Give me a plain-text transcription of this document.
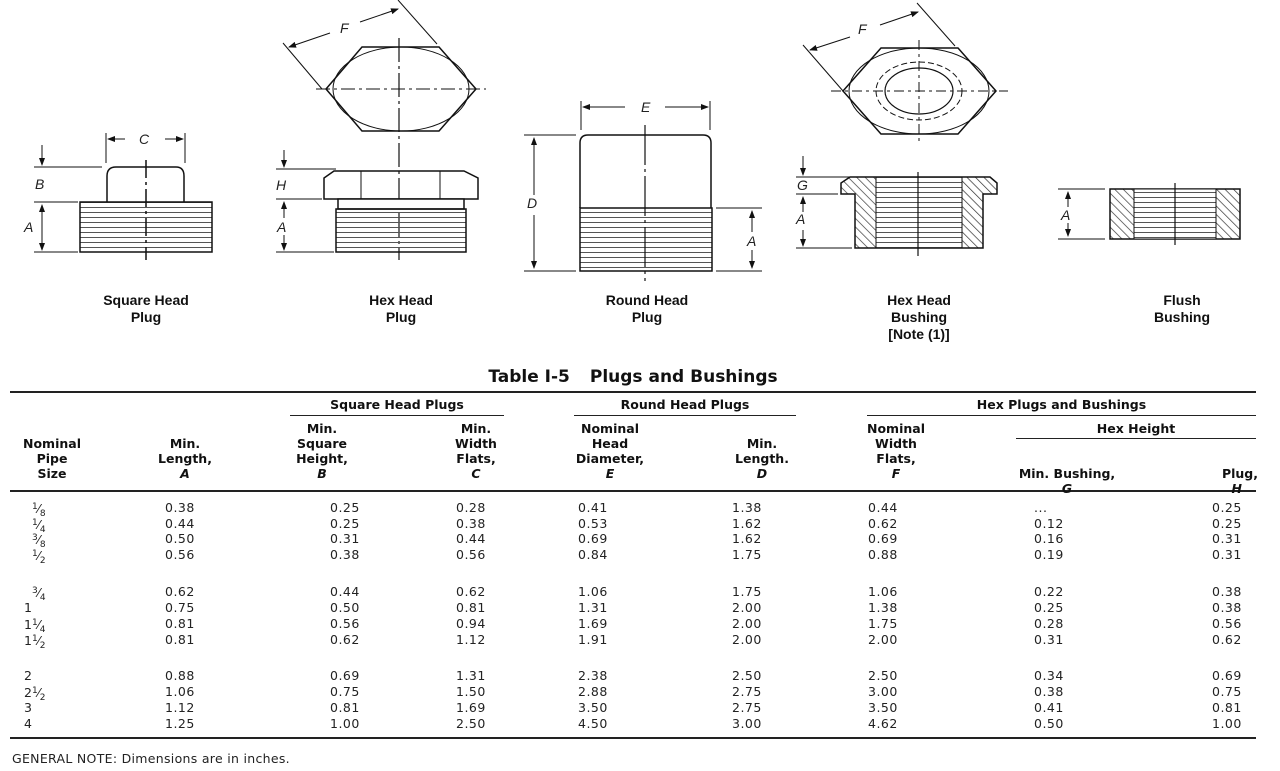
C
B
A
F
H
A
E
D
A
F
G
A	A
Square Head
Plug
Hex Head
Plug
Round Head
Plug
Hex Head
Bushing
[Note (1)]
Flush
Bushing
Table I-5 Plugs and Bushings
Square Head Plugs	Round Head Plugs	Hex Plugs and Bushings
Hex Height
Nominal
Pipe
Size
Min.
Length,
A
Min.
Square
Height,
B
Min.
Width
Flats,
C
Nominal
Head
Diameter,
E
Min.
Length.
D
Nominal
Width
Flats,
F	Min. Bushing,
G
Plug,
H
$^1⁄_8$	0.38	0.25	0.28	0.41	1.38	0.44	...	0.25
$^1⁄_4$	0.44	0.25	0.38	0.53	1.62	0.62	0.12	0.25
$^3⁄_8$	0.50	0.31	0.44	0.69	1.62	0.69	0.16	0.31
$^1⁄_2$	0.56	0.38	0.56	0.84	1.75	0.88	0.19	0.31
$^3⁄_4$	0.62	0.44	0.62	1.06	1.75	1.06	0.22	0.38
1	0.75	0.50	0.81	1.31	2.00	1.38	0.25	0.38
$1^1⁄_4$	0.81	0.56	0.94	1.69	2.00	1.75	0.28	0.56
$1^1⁄_2$	0.81	0.62	1.12	1.91	2.00	2.00	0.31	0.62
2	0.88	0.69	1.31	2.38	2.50	2.50	0.34	0.69
$2^1⁄_2$	1.06	0.75	1.50	2.88	2.75	3.00	0.38	0.75
3	1.12	0.81	1.69	3.50	2.75	3.50	0.41	0.81
4	1.25	1.00	2.50	4.50	3.00	4.62	0.50	1.00
GENERAL NOTE: Dimensions are in inches.
